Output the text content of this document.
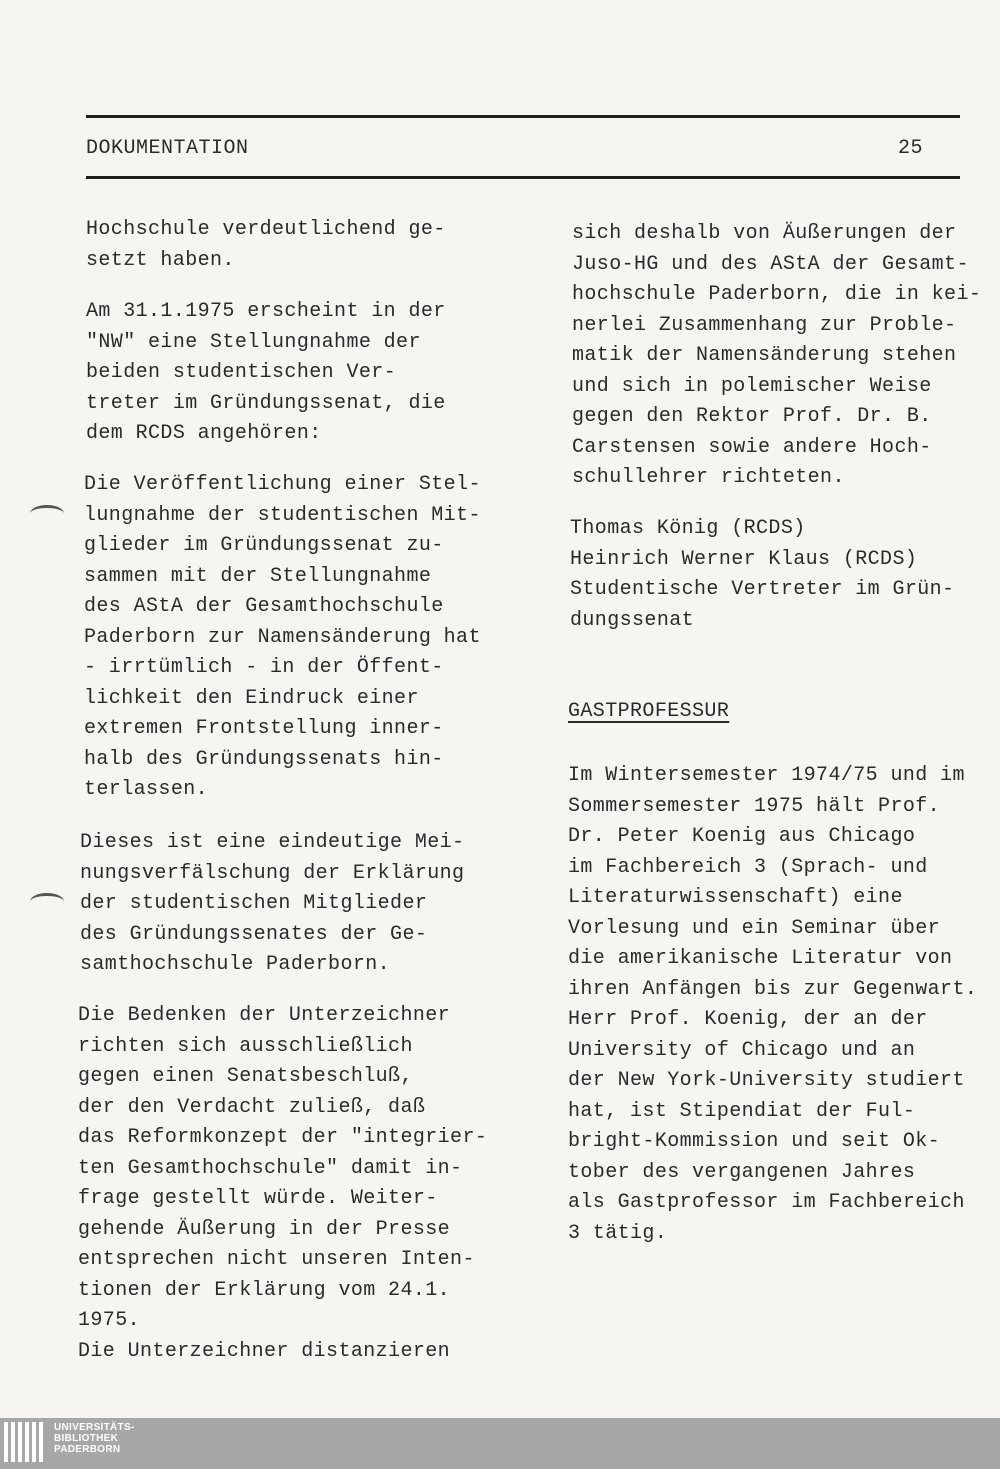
DOKUMENTATION	25

Hochschule verdeutlichend ge-
setzt haben.

Am 31.1.1975 erscheint in der
"NW" eine Stellungnahme der
beiden studentischen Ver-
treter im Gründungssenat, die
dem RCDS angehören:

Die Veröffentlichung einer Stel-
lungnahme der studentischen Mit-
glieder im Gründungssenat zu-
sammen mit der Stellungnahme
des AStA der Gesamthochschule
Paderborn zur Namensänderung hat
- irrtümlich - in der Öffent-
lichkeit den Eindruck einer
extremen Frontstellung inner-
halb des Gründungssenats hin-
terlassen.

Dieses ist eine eindeutige Mei-
nungsverfälschung der Erklärung
der studentischen Mitglieder
des Gründungssenates der Ge-
samthochschule Paderborn.

Die Bedenken der Unterzeichner
richten sich ausschließlich
gegen einen Senatsbeschluß,
der den Verdacht zuließ, daß
das Reformkonzept der "integrier-
ten Gesamthochschule" damit in-
frage gestellt würde. Weiter-
gehende Äußerung in der Presse
entsprechen nicht unseren Inten-
tionen der Erklärung vom 24.1.
1975.
Die Unterzeichner distanzieren

sich deshalb von Äußerungen der
Juso-HG und des AStA der Gesamt-
hochschule Paderborn, die in kei-
nerlei Zusammenhang zur Proble-
matik der Namensänderung stehen
und sich in polemischer Weise
gegen den Rektor Prof. Dr. B.
Carstensen sowie andere Hoch-
schullehrer richteten.

Thomas König (RCDS)
Heinrich Werner Klaus (RCDS)
Studentische Vertreter im Grün-
dungssenat

GASTPROFESSUR

Im Wintersemester 1974/75 und im
Sommersemester 1975 hält Prof.
Dr. Peter Koenig aus Chicago
im Fachbereich 3 (Sprach- und
Literaturwissenschaft) eine
Vorlesung und ein Seminar über
die amerikanische Literatur von
ihren Anfängen bis zur Gegenwart.
Herr Prof. Koenig, der an der
University of Chicago und an
der New York-University studiert
hat, ist Stipendiat der Ful-
bright-Kommission und seit Ok-
tober des vergangenen Jahres
als Gastprofessor im Fachbereich
3 tätig.

UNIVERSITÄTS-
BIBLIOTHEK
PADERBORN
